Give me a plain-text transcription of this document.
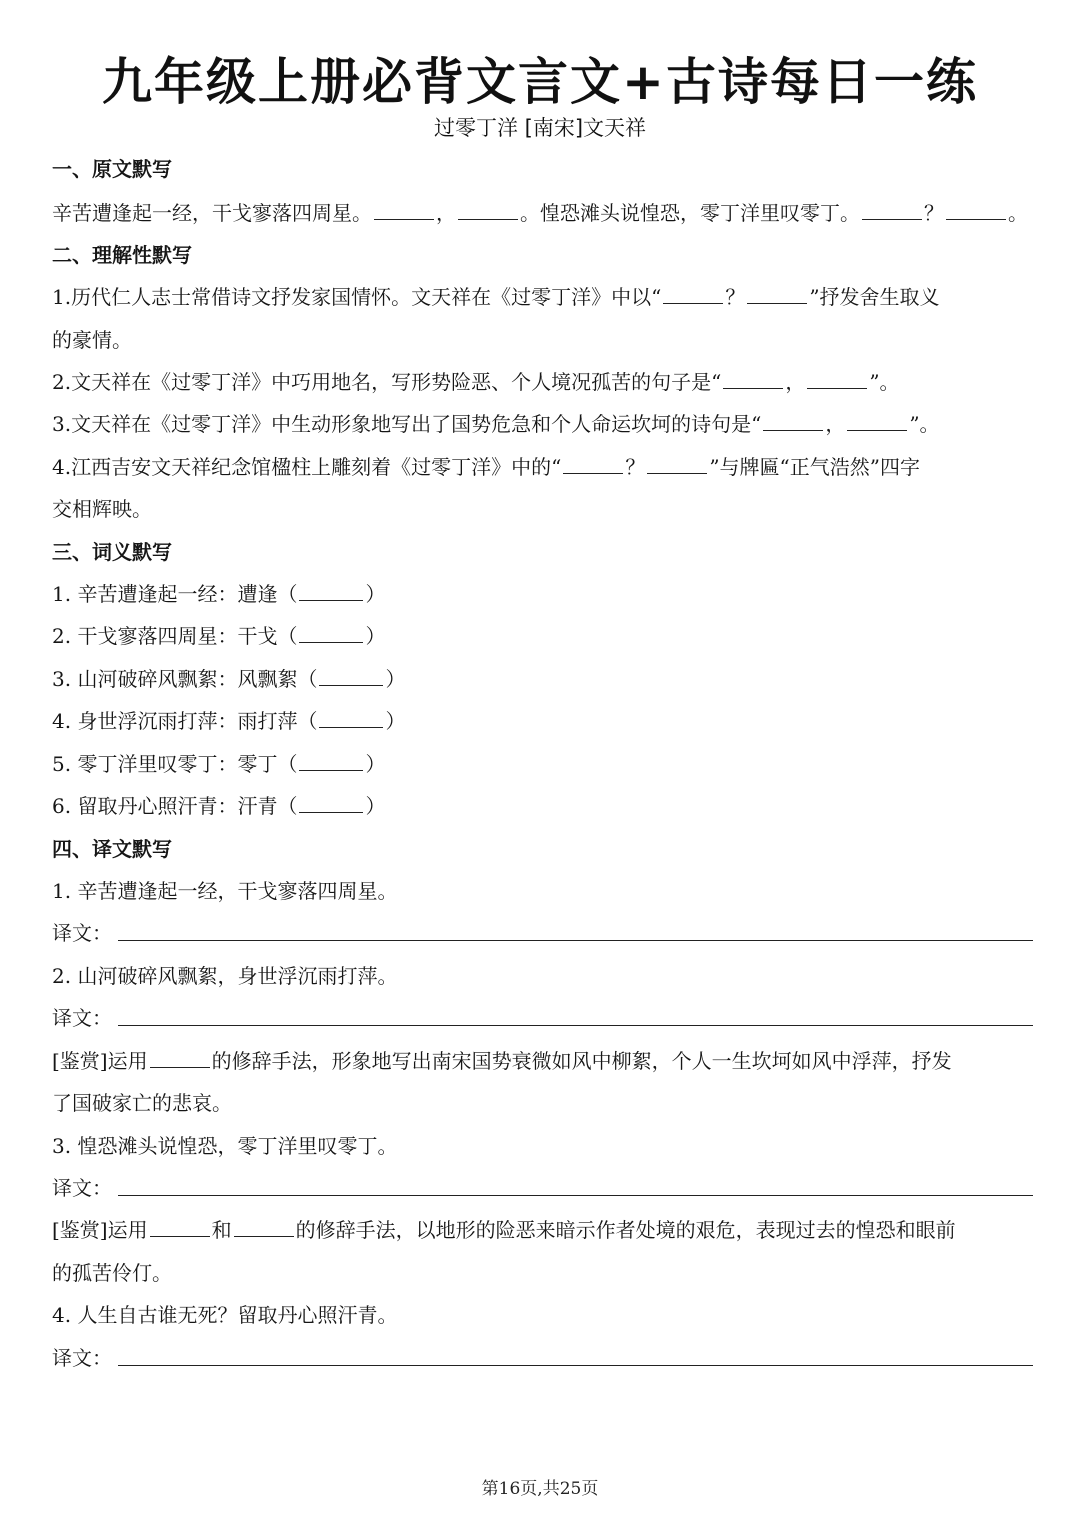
九年级上册必背文言文+古诗每日一练
过零丁洋 [南宋]文天祥
一、原文默写
辛苦遭逢起一经，干戈寥落四周星。	，	。惶恐滩头说惶恐，零丁洋里叹零丁。	？	。
二、理解性默写
1.历代仁人志士常借诗文抒发家国情怀。文天祥在《过零丁洋》中以“	？	”抒发舍生取义
的豪情。
2.文天祥在《过零丁洋》中巧用地名，写形势险恶、个人境况孤苦的句子是“	，	”。
3.文天祥在《过零丁洋》中生动形象地写出了国势危急和个人命运坎坷的诗句是“	，	”。
4.江西吉安文天祥纪念馆楹柱上雕刻着《过零丁洋》中的“	？	”与牌匾“正气浩然”四字
交相辉映。
三、词义默写
1. 辛苦遭逢起一经：遭逢（	）
2. 干戈寥落四周星：干戈（	）
3. 山河破碎风飘絮：风飘絮（	）
4. 身世浮沉雨打萍：雨打萍（	）
5. 零丁洋里叹零丁：零丁（	）
6. 留取丹心照汗青：汗青（	）
四、译文默写
1. 辛苦遭逢起一经，干戈寥落四周星。
译文：
2. 山河破碎风飘絮，身世浮沉雨打萍。
译文：
[鉴赏]运用	的修辞手法，形象地写出南宋国势衰微如风中柳絮，个人一生坎坷如风中浮萍，抒发
了国破家亡的悲哀。
3. 惶恐滩头说惶恐，零丁洋里叹零丁。
译文：
[鉴赏]运用	和	的修辞手法，以地形的险恶来暗示作者处境的艰危，表现过去的惶恐和眼前
的孤苦伶仃。
4. 人生自古谁无死？留取丹心照汗青。
译文：
第16页,共25页
